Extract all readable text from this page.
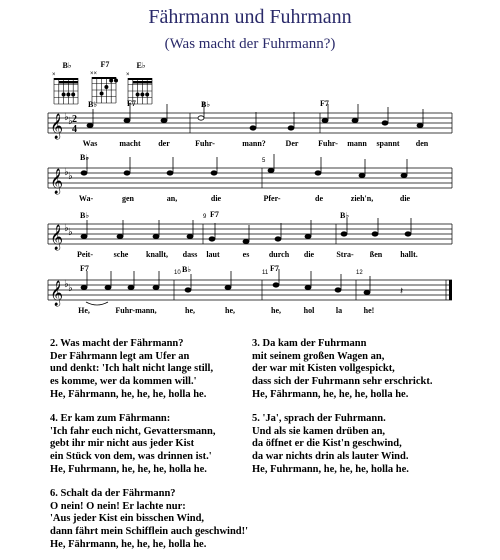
Fährmann und Fuhrmann
(Was macht der Fuhrmann?)
B♭
×
F7
××
E♭
×
𝄞 ♭ ♭ 2
4
B♭	F7	B♭	F7
Was	macht der	Fuhr-	mann? Der Fuhr- mann spannt den
𝄞 ♭ ♭
5
B♭
Wa-	gen	an,	die	Pfer-	de	zieh'n,	die
𝄞 ♭ ♭
9
B♭	F7	B♭
Peit-	sche knallt, dass laut	es durch die	Stra- ßen hallt.
𝄞 ♭ ♭	𝄽
10	11	12
F7	B♭	F7
He,	Fuhr-mann,	he,	he,	he,	hol	la	he!
2. Was macht der Fährmann?
Der Fährmann legt am Ufer an
und denkt: 'Ich halt nicht lange still,
es komme, wer da kommen will.'
He, Fährmann, he, he, he, holla he.
3. Da kam der Fuhrmann
mit seinem großen Wagen an,
der war mit Kisten vollgespickt,
dass sich der Fuhrmann sehr erschrickt.
He, Fährmann, he, he, he, holla he.
4. Er kam zum Fährmann:
'Ich fahr euch nicht, Gevattersmann,
gebt ihr mir nicht aus jeder Kist
ein Stück von dem, was drinnen ist.'
He, Fuhrmann, he, he, he, holla he.
5. 'Ja', sprach der Fuhrmann.
Und als sie kamen drüben an,
da öffnet er die Kist'n geschwind,
da war nichts drin als lauter Wind.
He, Fuhrmann, he, he, he, holla he.
6. Schalt da der Fährmann?
O nein! O nein! Er lachte nur:
'Aus jeder Kist ein bisschen Wind,
dann fährt mein Schifflein auch geschwind!'
He, Fährmann, he, he, he, holla he.
